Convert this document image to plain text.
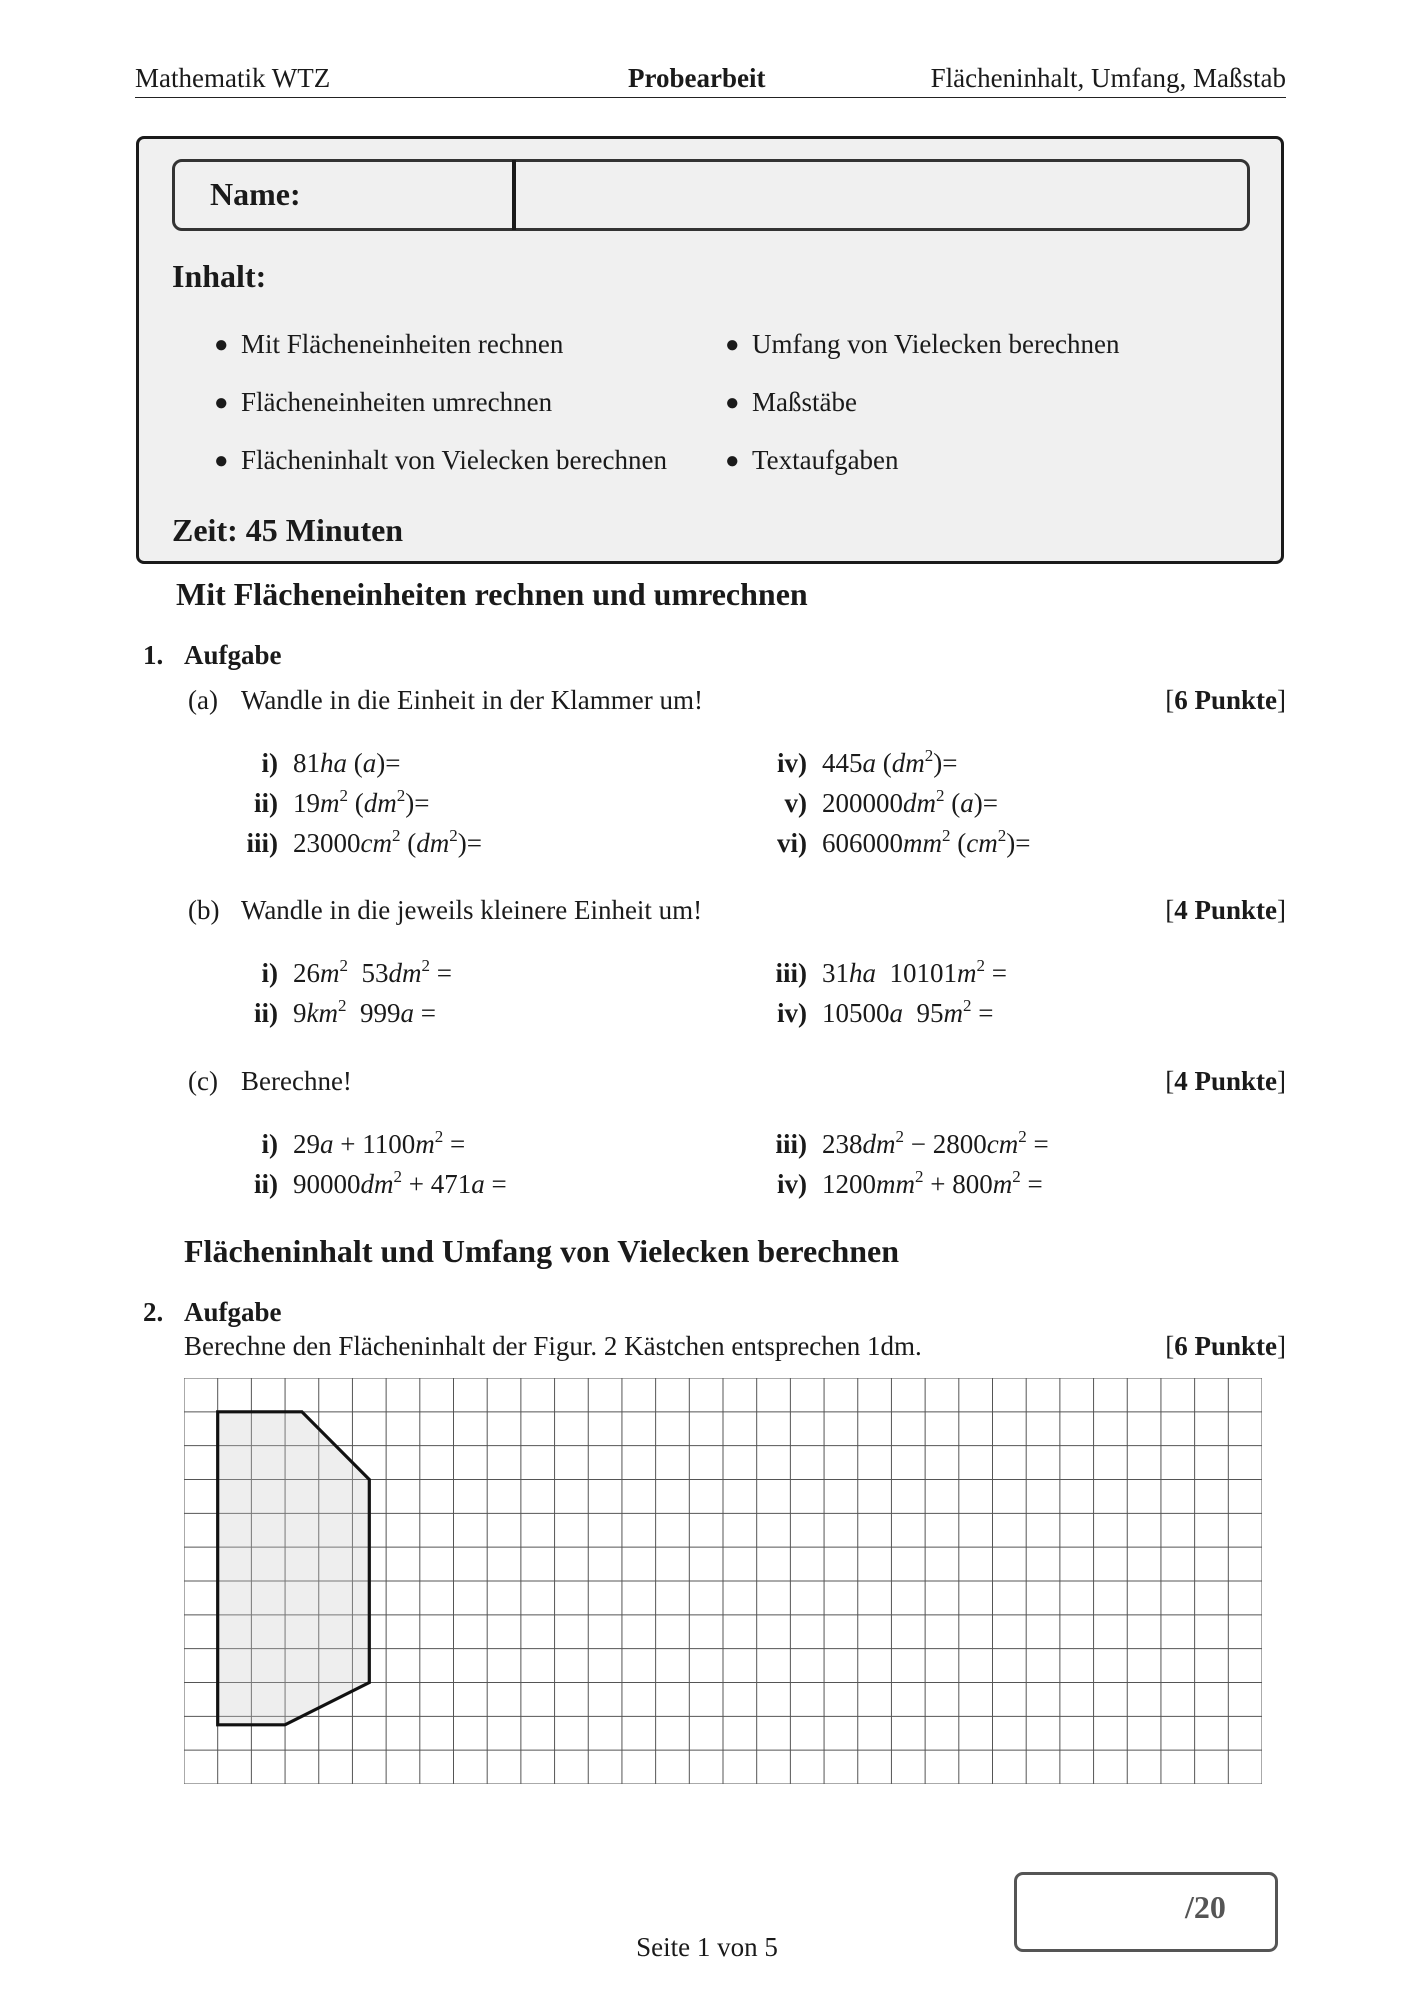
Mathematik WTZ	Probearbeit	Flächeninhalt, Umfang, Maßstab
Name:
Inhalt:
● Mit Flächeneinheiten rechnen	● Umfang von Vielecken berechnen
● Flächeneinheiten umrechnen	● Maßstäbe
● Flächeninhalt von Vielecken berechnen ● Textaufgaben
Zeit: 45 Minuten
Mit Flächeneinheiten rechnen und umrechnen
1. Aufgabe
(a) Wandle in die Einheit in der Klammer um!	[6 Punkte]
i) 81ha (a)=
ii) $19m^2$ $(dm^2)=$
iii) $23000cm^2$ $(dm^2)=$
iv) 445a $(dm^2)=$
v) $200000dm^2$ (a)=
vi) $606000mm^2$ $(cm^2)=$
(b) Wandle in die jeweils kleinere Einheit um!	[4 Punkte]
i) $26m^2$  $53dm^2$ =
ii) $9km^2$  999a =
iii) 31ha  $10101m^2$ =
iv) 10500a  $95m^2$ =
(c) Berechne!	[4 Punkte]
i) $29a + 1100m^2$ =
ii) $90000dm^2 + 471a$ =
iii) $238dm^2 - 2800cm^2$ =
iv) $1200mm^2 + 800m^2$ =
Flächeninhalt und Umfang von Vielecken berechnen
2. Aufgabe
Berechne den Flächeninhalt der Figur. 2 Kästchen entsprechen 1dm.	[6 Punkte]
/20
Seite 1 von 5
